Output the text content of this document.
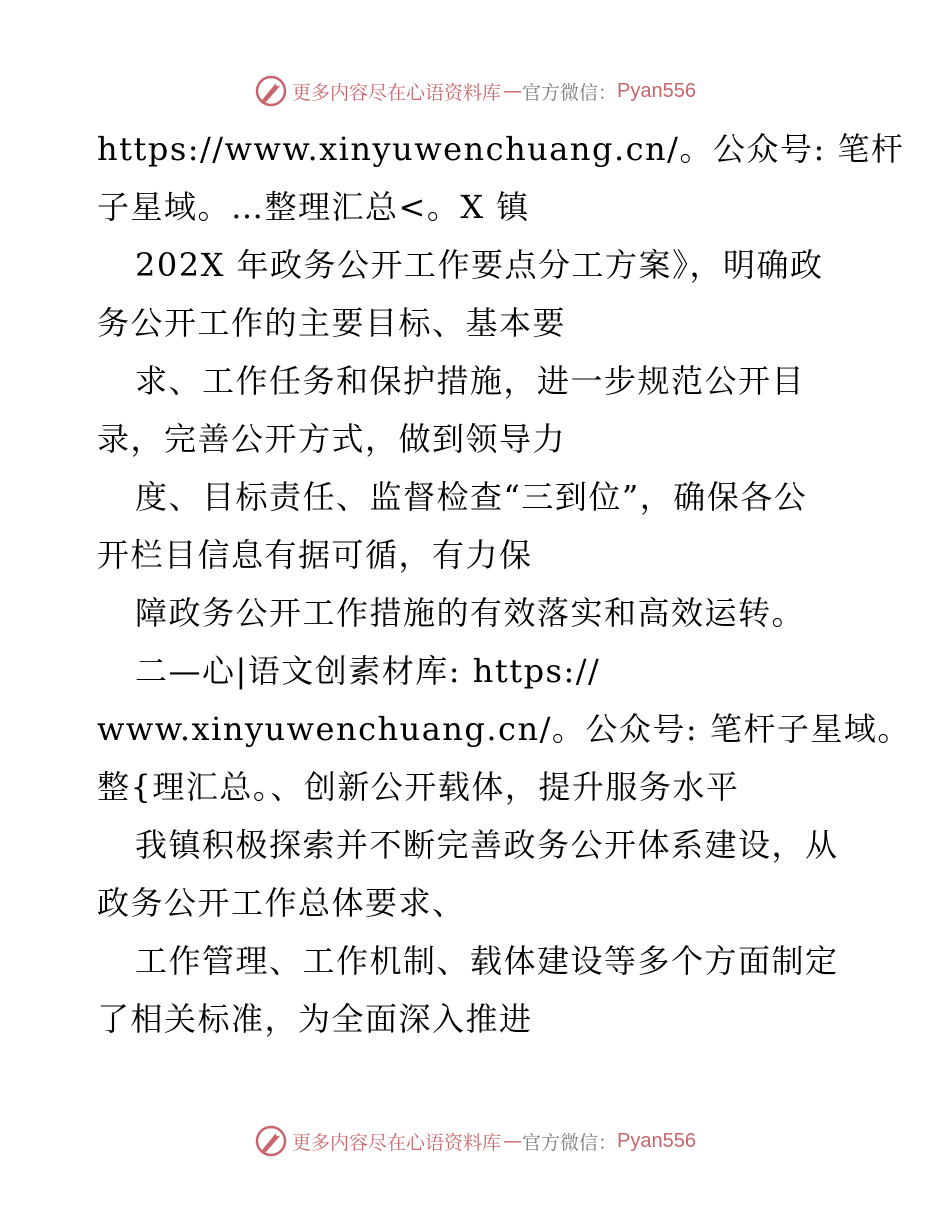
更多内容尽在心语资料库 — 官方微信： Pyan556
https://www.xinyuwenchuang.cn/。公众号: 笔杆
子星域。…整理汇总<。X 镇
202X 年政务公开工作要点分工方案》，明确政
务公开工作的主要目标、基本要
求、工作任务和保护措施，进一步规范公开目
录，完善公开方式，做到领导力
度、目标责任、监督检查“三到位”，确保各公
开栏目信息有据可循，有力保
障政务公开工作措施的有效落实和高效运转。
二—心|语文创素材库: https://
www.xinyuwenchuang.cn/。公众号: 笔杆子星域。
整{理汇总。、创新公开载体，提升服务水平
我镇积极探索并不断完善政务公开体系建设，从
政务公开工作总体要求、
工作管理、工作机制、载体建设等多个方面制定
了相关标准，为全面深入推进
更多内容尽在心语资料库 — 官方微信： Pyan556
